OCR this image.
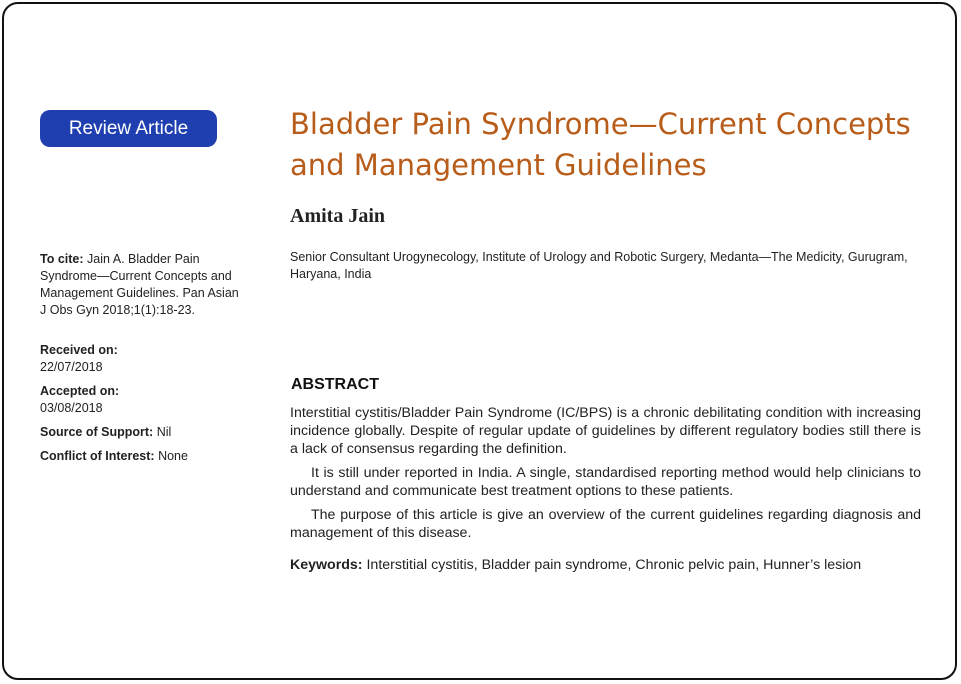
Review Article	Bladder Pain Syndrome—Current Concepts and Management Guidelines
Amita Jain
Senior Consultant Urogynecology, Institute of Urology and Robotic Surgery, Medanta—The Medicity, Gurugram, Haryana, India
To cite: Jain A. Bladder Pain Syndrome—Current Concepts and Management Guidelines. Pan Asian J Obs Gyn 2018;1(1):18-23.
Received on:
22/07/2018
Accepted on:
03/08/2018
Source of Support: Nil
Conflict of Interest: None
ABSTRACT

Interstitial cystitis/Bladder Pain Syndrome (IC/BPS) is a chronic debilitating condition with increasing incidence globally. Despite of regular update of guidelines by different regulatory bodies still there is a lack of consensus regarding the definition.

It is still under reported in India. A single, standardised reporting method would help clinicians to understand and communicate best treatment options to these patients.

The purpose of this article is give an overview of the current guidelines regarding diagnosis and management of this disease.

Keywords: Interstitial cystitis, Bladder pain syndrome, Chronic pelvic pain, Hunner’s lesion
